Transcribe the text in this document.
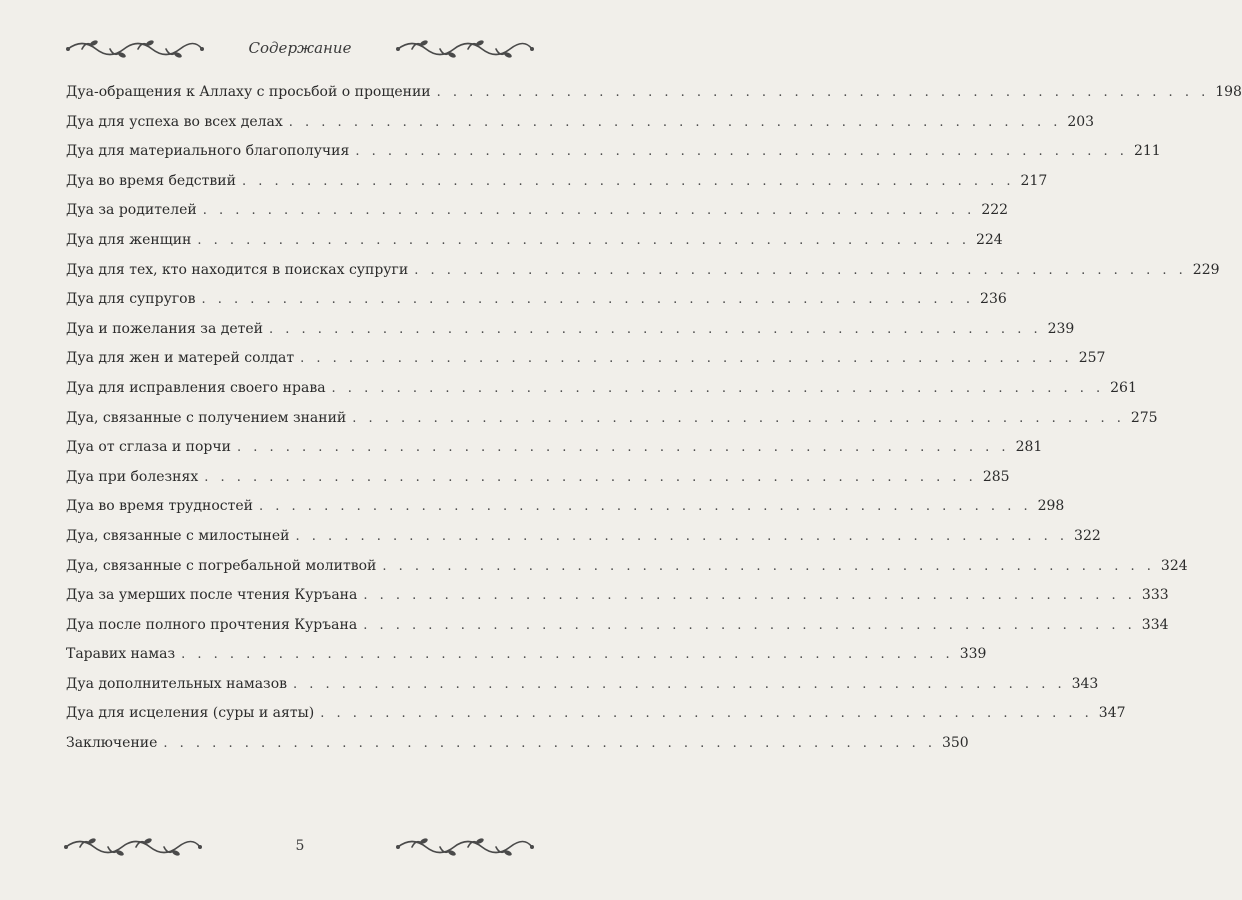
Содержание
Дуа-обращения к Аллаху с просьбой о прощении . . . . . . . . . . . . . . . . . . . . . . . . . . . . . . . . . . . . . . . . . . . . . . . . 198
Дуа для успеха во всех делах . . . . . . . . . . . . . . . . . . . . . . . . . . . . . . . . . . . . . . . . . . . . . . . . 203
Дуа для материального благополучия . . . . . . . . . . . . . . . . . . . . . . . . . . . . . . . . . . . . . . . . . . . . . . . . 211
Дуа во время бедствий . . . . . . . . . . . . . . . . . . . . . . . . . . . . . . . . . . . . . . . . . . . . . . . . 217
Дуа за родителей . . . . . . . . . . . . . . . . . . . . . . . . . . . . . . . . . . . . . . . . . . . . . . . . 222
Дуа для женщин . . . . . . . . . . . . . . . . . . . . . . . . . . . . . . . . . . . . . . . . . . . . . . . . 224
Дуа для тех, кто находится в поисках супруги . . . . . . . . . . . . . . . . . . . . . . . . . . . . . . . . . . . . . . . . . . . . . . . . 229
Дуа для супругов . . . . . . . . . . . . . . . . . . . . . . . . . . . . . . . . . . . . . . . . . . . . . . . . 236
Дуа и пожелания за детей . . . . . . . . . . . . . . . . . . . . . . . . . . . . . . . . . . . . . . . . . . . . . . . . 239
Дуа для жен и матерей солдат . . . . . . . . . . . . . . . . . . . . . . . . . . . . . . . . . . . . . . . . . . . . . . . . 257
Дуа для исправления своего нрава . . . . . . . . . . . . . . . . . . . . . . . . . . . . . . . . . . . . . . . . . . . . . . . . 261
Дуа, связанные с получением знаний . . . . . . . . . . . . . . . . . . . . . . . . . . . . . . . . . . . . . . . . . . . . . . . . 275
Дуа от сглаза и порчи . . . . . . . . . . . . . . . . . . . . . . . . . . . . . . . . . . . . . . . . . . . . . . . . 281
Дуа при болезнях . . . . . . . . . . . . . . . . . . . . . . . . . . . . . . . . . . . . . . . . . . . . . . . . 285
Дуа во время трудностей . . . . . . . . . . . . . . . . . . . . . . . . . . . . . . . . . . . . . . . . . . . . . . . . 298
Дуа, связанные с милостыней . . . . . . . . . . . . . . . . . . . . . . . . . . . . . . . . . . . . . . . . . . . . . . . . 322
Дуа, связанные с погребальной молитвой . . . . . . . . . . . . . . . . . . . . . . . . . . . . . . . . . . . . . . . . . . . . . . . . 324
Дуа за умерших после чтения Куръана . . . . . . . . . . . . . . . . . . . . . . . . . . . . . . . . . . . . . . . . . . . . . . . . 333
Дуа после полного прочтения Куръана . . . . . . . . . . . . . . . . . . . . . . . . . . . . . . . . . . . . . . . . . . . . . . . . 334
Таравих намаз . . . . . . . . . . . . . . . . . . . . . . . . . . . . . . . . . . . . . . . . . . . . . . . . 339
Дуа дополнительных намазов . . . . . . . . . . . . . . . . . . . . . . . . . . . . . . . . . . . . . . . . . . . . . . . . 343
Дуа для исцеления (суры и аяты) . . . . . . . . . . . . . . . . . . . . . . . . . . . . . . . . . . . . . . . . . . . . . . . . 347
Заключение . . . . . . . . . . . . . . . . . . . . . . . . . . . . . . . . . . . . . . . . . . . . . . . . 350
5
